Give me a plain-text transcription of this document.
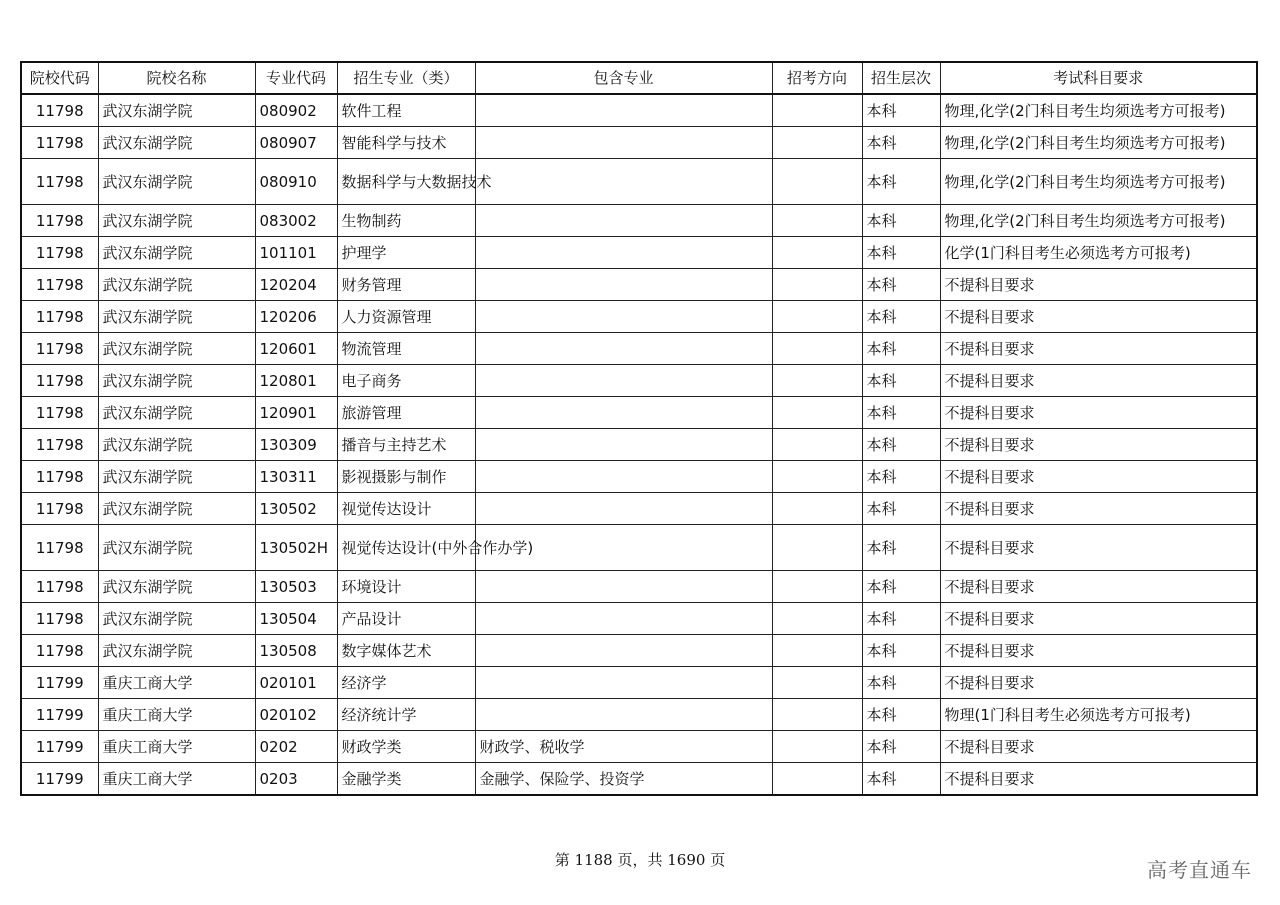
院校代码	院校名称	专业代码	招生专业（类）	包含专业	招考方向	招生层次	考试科目要求
11798	武汉东湖学院	080902	软件工程			本科	物理,化学(2门科目考生均须选考方可报考)
11798	武汉东湖学院	080907	智能科学与技术			本科	物理,化学(2门科目考生均须选考方可报考)
11798	武汉东湖学院	080910	数据科学与大数据技术			本科	物理,化学(2门科目考生均须选考方可报考)
11798	武汉东湖学院	083002	生物制药			本科	物理,化学(2门科目考生均须选考方可报考)
11798	武汉东湖学院	101101	护理学			本科	化学(1门科目考生必须选考方可报考)
11798	武汉东湖学院	120204	财务管理			本科	不提科目要求
11798	武汉东湖学院	120206	人力资源管理			本科	不提科目要求
11798	武汉东湖学院	120601	物流管理			本科	不提科目要求
11798	武汉东湖学院	120801	电子商务			本科	不提科目要求
11798	武汉东湖学院	120901	旅游管理			本科	不提科目要求
11798	武汉东湖学院	130309	播音与主持艺术			本科	不提科目要求
11798	武汉东湖学院	130311	影视摄影与制作			本科	不提科目要求
11798	武汉东湖学院	130502	视觉传达设计			本科	不提科目要求
11798	武汉东湖学院	130502H	视觉传达设计(中外合作办学)			本科	不提科目要求
11798	武汉东湖学院	130503	环境设计			本科	不提科目要求
11798	武汉东湖学院	130504	产品设计			本科	不提科目要求
11798	武汉东湖学院	130508	数字媒体艺术			本科	不提科目要求
11799	重庆工商大学	020101	经济学			本科	不提科目要求
11799	重庆工商大学	020102	经济统计学			本科	物理(1门科目考生必须选考方可报考)
11799	重庆工商大学	0202	财政学类	财政学、税收学		本科	不提科目要求
11799	重庆工商大学	0203	金融学类	金融学、保险学、投资学		本科	不提科目要求
第 1188 页，共 1690 页	高考直通车
